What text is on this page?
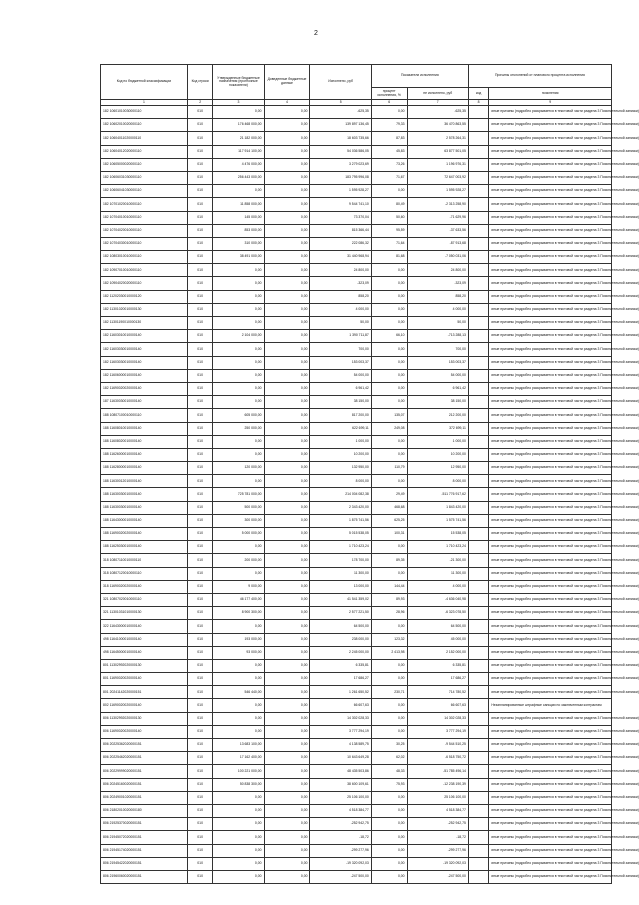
2
Код по бюджетной классификации	Код строки	Утвержденные бюджетные назначения (прогнозные показатели)	Доведенные бюджетные данные	Исполнено, руб	Показатели исполнения		Причины отклонений от планового процента исполнения	
					процент исполнения, %	не исполнено, руб	код	пояснения
1	2	3	4	5	6	7	8	9
182 10601010030000110	010	0,00	0,00	-625,35	0,00	-625,35		иные причины (подробно раскрывается в текстовой части раздела 3 Пояснительной записки)
182 10602010020000110	010	176 468 000,00	0,00	139 897 136,45	79,33	36 470 863,55		иные причины (подробно раскрывается в текстовой части раздела 3 Пояснительной записки)
182 10604011020000110	010	21 182 000,00	0,00	18 603 735,66	87,83	2 578 264,31		иные причины (подробно раскрывается в текстовой части раздела 3 Пояснительной записки)
182 10604012020000110	010	117 914 100,00	0,00	54 036 586,05	45,83	63 877 501,05		иные причины (подробно раскрывается в текстовой части раздела 3 Пояснительной записки)
182 10605000020000110	010	4 476 000,00	0,00	3 279 023,69	73,26	1 196 976,31		иные причины (подробно раскрывается в текстовой части раздела 3 Пояснительной записки)
182 10606031030000110	010	256 443 000,00	0,00	183 795 996,08	71,67	72 647 003,92		иные причины (подробно раскрывается в текстовой части раздела 3 Пояснительной записки)
182 10606041030000110	010	0,00	0,00	1 595 928,27	0,00	1 595 928,27		иные причины (подробно раскрывается в текстовой части раздела 3 Пояснительной записки)
182 10701020010000110	010	11 858 000,00	0,00	9 544 741,10	80,49	-2 313 258,90		иные причины (подробно раскрывается в текстовой части раздела 3 Пояснительной записки)
182 10704010010000110	010	145 000,00	0,00	73 370,04	50,60	-71 629,96		иные причины (подробно раскрывается в текстовой части раздела 3 Пояснительной записки)
182 10704020010000110	010	853 000,00	0,00	815 366,44	95,59	-37 633,56		иные причины (подробно раскрывается в текстовой части раздела 3 Пояснительной записки)
182 10704030010000110	010	310 000,00	0,00	222 086,32	71,64	-87 913,68		иные причины (подробно раскрывается в текстовой части раздела 3 Пояснительной записки)
182 10803010010000110	010	38 491 000,00	0,00	31 440 968,94	81,68	-7 050 031,06		иные причины (подробно раскрывается в текстовой части раздела 3 Пояснительной записки)
182 10907010010000110	010	0,00	0,00	24 800,00	0,00	24 800,00		иные причины (подробно раскрывается в текстовой части раздела 3 Пояснительной записки)
182 10904020020000110	010	0,00	0,00	-323,09	0,00	-323,09		иные причины (подробно раскрывается в текстовой части раздела 3 Пояснительной записки)
182 11202030010000120	010	0,00	0,00	858,20	0,00	858,20		иные причины (подробно раскрывается в текстовой части раздела 3 Пояснительной записки)
182 11301020010000130	010	0,00	0,00	4 000,00	0,00	4 000,00		иные причины (подробно раскрывается в текстовой части раздела 3 Пояснительной записки)
182 11301190010000130	010	0,00	0,00	50,00	0,00	50,00		иные причины (подробно раскрывается в текстовой части раздела 3 Пояснительной записки)
182 11603010010000140	010	2 104 000,00	0,00	1 390 711,87	66,10	-713 288,13		иные причины (подробно раскрывается в текстовой части раздела 3 Пояснительной записки)
182 11603030010000140	010	0,00	0,00	700,00	0,00	700,00		иные причины (подробно раскрывается в текстовой части раздела 3 Пояснительной записки)
182 11603030010000140	010	0,00	0,00	153 003,37	0,00	153 003,37		иные причины (подробно раскрывается в текстовой части раздела 3 Пояснительной записки)
182 11606000010000140	010	0,00	0,00	54 000,00	0,00	54 000,00		иные причины (подробно раскрывается в текстовой части раздела 3 Пояснительной записки)
182 11690020020000140	010	0,00	0,00	6 961,42	0,00	6 961,42		иные причины (подробно раскрывается в текстовой части раздела 3 Пояснительной записки)
187 11630030010000140	010	0,00	0,00	38 150,00	0,00	38 150,00		иные причины (подробно раскрывается в текстовой части раздела 3 Пояснительной записки)
188 10807100010000110	010	605 000,00	0,00	817 200,00	135,07	212 200,00		иные причины (подробно раскрывается в текстовой части раздела 3 Пояснительной записки)
188 11608010010000140	010	250 000,00	0,00	622 699,11	249,08	372 699,11		иные причины (подробно раскрывается в текстовой части раздела 3 Пояснительной записки)
188 11608020010000140	010	0,00	0,00	1 000,00	0,00	1 000,00		иные причины (подробно раскрывается в текстовой части раздела 3 Пояснительной записки)
188 11626000010000140	010	0,00	0,00	10 200,00	0,00	10 200,00		иные причины (подробно раскрывается в текстовой части раздела 3 Пояснительной записки)
188 11628000010000140	010	120 000,00	0,00	132 950,00	110,79	12 950,00		иные причины (подробно раскрывается в текстовой части раздела 3 Пояснительной записки)
188 11630012010000140	010	0,00	0,00	8 000,00	0,00	8 000,00		иные причины (подробно раскрывается в текстовой части раздела 3 Пояснительной записки)
188 11630030010000140	010	725 781 000,00	0,00	214 004 082,38	29,49	-511 776 917,62		иные причины (подробно раскрывается в текстовой части раздела 3 Пояснительной записки)
188 11630030010000140	010	500 000,00	0,00	2 343 420,00	468,68	1 843 420,00		иные причины (подробно раскрывается в текстовой части раздела 3 Пояснительной записки)
188 11643000010000140	010	300 000,00	0,00	1 875 741,56	625,25	1 575 741,56		иные причины (подробно раскрывается в текстовой части раздела 3 Пояснительной записки)
188 11690020020000140	010	5 000 000,00	0,00	5 015 538,05	100,31	15 538,05		иные причины (подробно раскрывается в текстовой части раздела 3 Пояснительной записки)
188 11625030010000140	010	0,00	0,00	1 710 423,24	0,00	1 710 423,24		иные причины (подробно раскрывается в текстовой части раздела 3 Пояснительной записки)
318 10807110010000110	010	200 000,00	0,00	178 700,00	89,35	-21 300,00		иные причины (подробно раскрывается в текстовой части раздела 3 Пояснительной записки)
318 10807120010000110	010	0,00	0,00	11 300,00	0,00	11 300,00		иные причины (подробно раскрывается в текстовой части раздела 3 Пояснительной записки)
318 11690020020000140	010	9 000,00	0,00	13 000,00	144,44	4 000,00		иные причины (подробно раскрывается в текстовой части раздела 3 Пояснительной записки)
321 10807020010000110	010	46 177 400,00	0,00	41 541 359,02	89,93	-4 636 040,98		иные причины (подробно раскрывается в текстовой части раздела 3 Пояснительной записки)
321 11301031010000130	010	8 900 300,00	0,00	2 577 221,50	28,96	-6 323 078,50		иные причины (подробно раскрывается в текстовой части раздела 3 Пояснительной записки)
322 11643000010000140	010	0,00	0,00	64 500,00	0,00	64 500,00		иные причины (подробно раскрывается в текстовой части раздела 3 Пояснительной записки)
498 11641000010000140	010	193 000,00	0,00	238 000,00	123,32	45 000,00		иные причины (подробно раскрывается в текстовой части раздела 3 Пояснительной записки)
498 11645000010000140	010	93 000,00	0,00	2 245 000,00	2 413,98	2 152 000,00		иные причины (подробно раскрывается в текстовой части раздела 3 Пояснительной записки)
801 11302992020000130	010	0,00	0,00	6 335,81	0,00	6 335,81		иные причины (подробно раскрывается в текстовой части раздела 3 Пояснительной записки)
801 11690020020000140	010	0,00	0,00	17 686,27	0,00	17 686,27		иные причины (подробно раскрывается в текстовой части раздела 3 Пояснительной записки)
801 20241142020000151	010	546 440,00	0,00	1 261 650,52	230,71	714 780,52		иные причины (подробно раскрывается в текстовой части раздела 3 Пояснительной записки)
802 11690020020000140	010	0,00	0,00	66 607,63	0,00	66 607,63		Незапланированные штрафные санкции по заключенным контрактам
806 11302992020000130	010	0,00	0,00	14 302 028,33	0,00	14 302 028,33		иные причины (подробно раскрывается в текстовой части раздела 3 Пояснительной записки)
806 11690020020000140	010	0,00	0,00	3 777 294,19	0,00	3 777 294,19		иные причины (подробно раскрывается в текстовой части раздела 3 Пояснительной записки)
806 20225362020000151	010	13 683 100,00	0,00	4 138 589,75	30,25	-9 544 510,25		иные причины (подробно раскрывается в текстовой части раздела 3 Пояснительной записки)
806 20225462020000151	010	17 162 400,00	0,00	10 643 649,28	62,02	-6 518 750,72		иные причины (подробно раскрывается в текстовой части раздела 3 Пояснительной записки)
806 20229999020000151	010	100 221 000,00	0,00	48 435 503,86	48,33	-51 785 496,14		иные причины (подробно раскрывается в текстовой части раздела 3 Пояснительной записки)
806 20245160020000151	010	50 838 300,00	0,00	38 600 109,61	75,93	-12 238 190,39		иные причины (подробно раскрывается в текстовой части раздела 3 Пояснительной записки)
806 20249001020000151	010	0,00	0,00	25 106 100,00	0,00	25 106 100,00		иные причины (подробно раскрывается в текстовой части раздела 3 Пояснительной записки)
806 21802010020000180	010	0,00	0,00	4 518 384,77	0,00	4 518 384,77		иные причины (подробно раскрывается в текстовой части раздела 3 Пояснительной записки)
806 21925370020000151	010	0,00	0,00	-252 942,75	0,00	-252 942,75		иные причины (подробно раскрывается в текстовой части раздела 3 Пояснительной записки)
806 21945072020000151	010	0,00	0,00	-18,72	0,00	-18,72		иные причины (подробно раскрывается в текстовой части раздела 3 Пояснительной записки)
806 21945174020000151	010	0,00	0,00	-299 277,96	0,00	-299 277,96		иные причины (подробно раскрывается в текстовой части раздела 3 Пояснительной записки)
806 21945422020000151	010	0,00	0,00	-19 320 092,03	0,00	-19 320 092,03		иные причины (подробно раскрывается в текстовой части раздела 3 Пояснительной записки)
806 21960060020000151	010	0,00	0,00	-247 500,00	0,00	-247 500,00		иные причины (подробно раскрывается в текстовой части раздела 3 Пояснительной записки)
